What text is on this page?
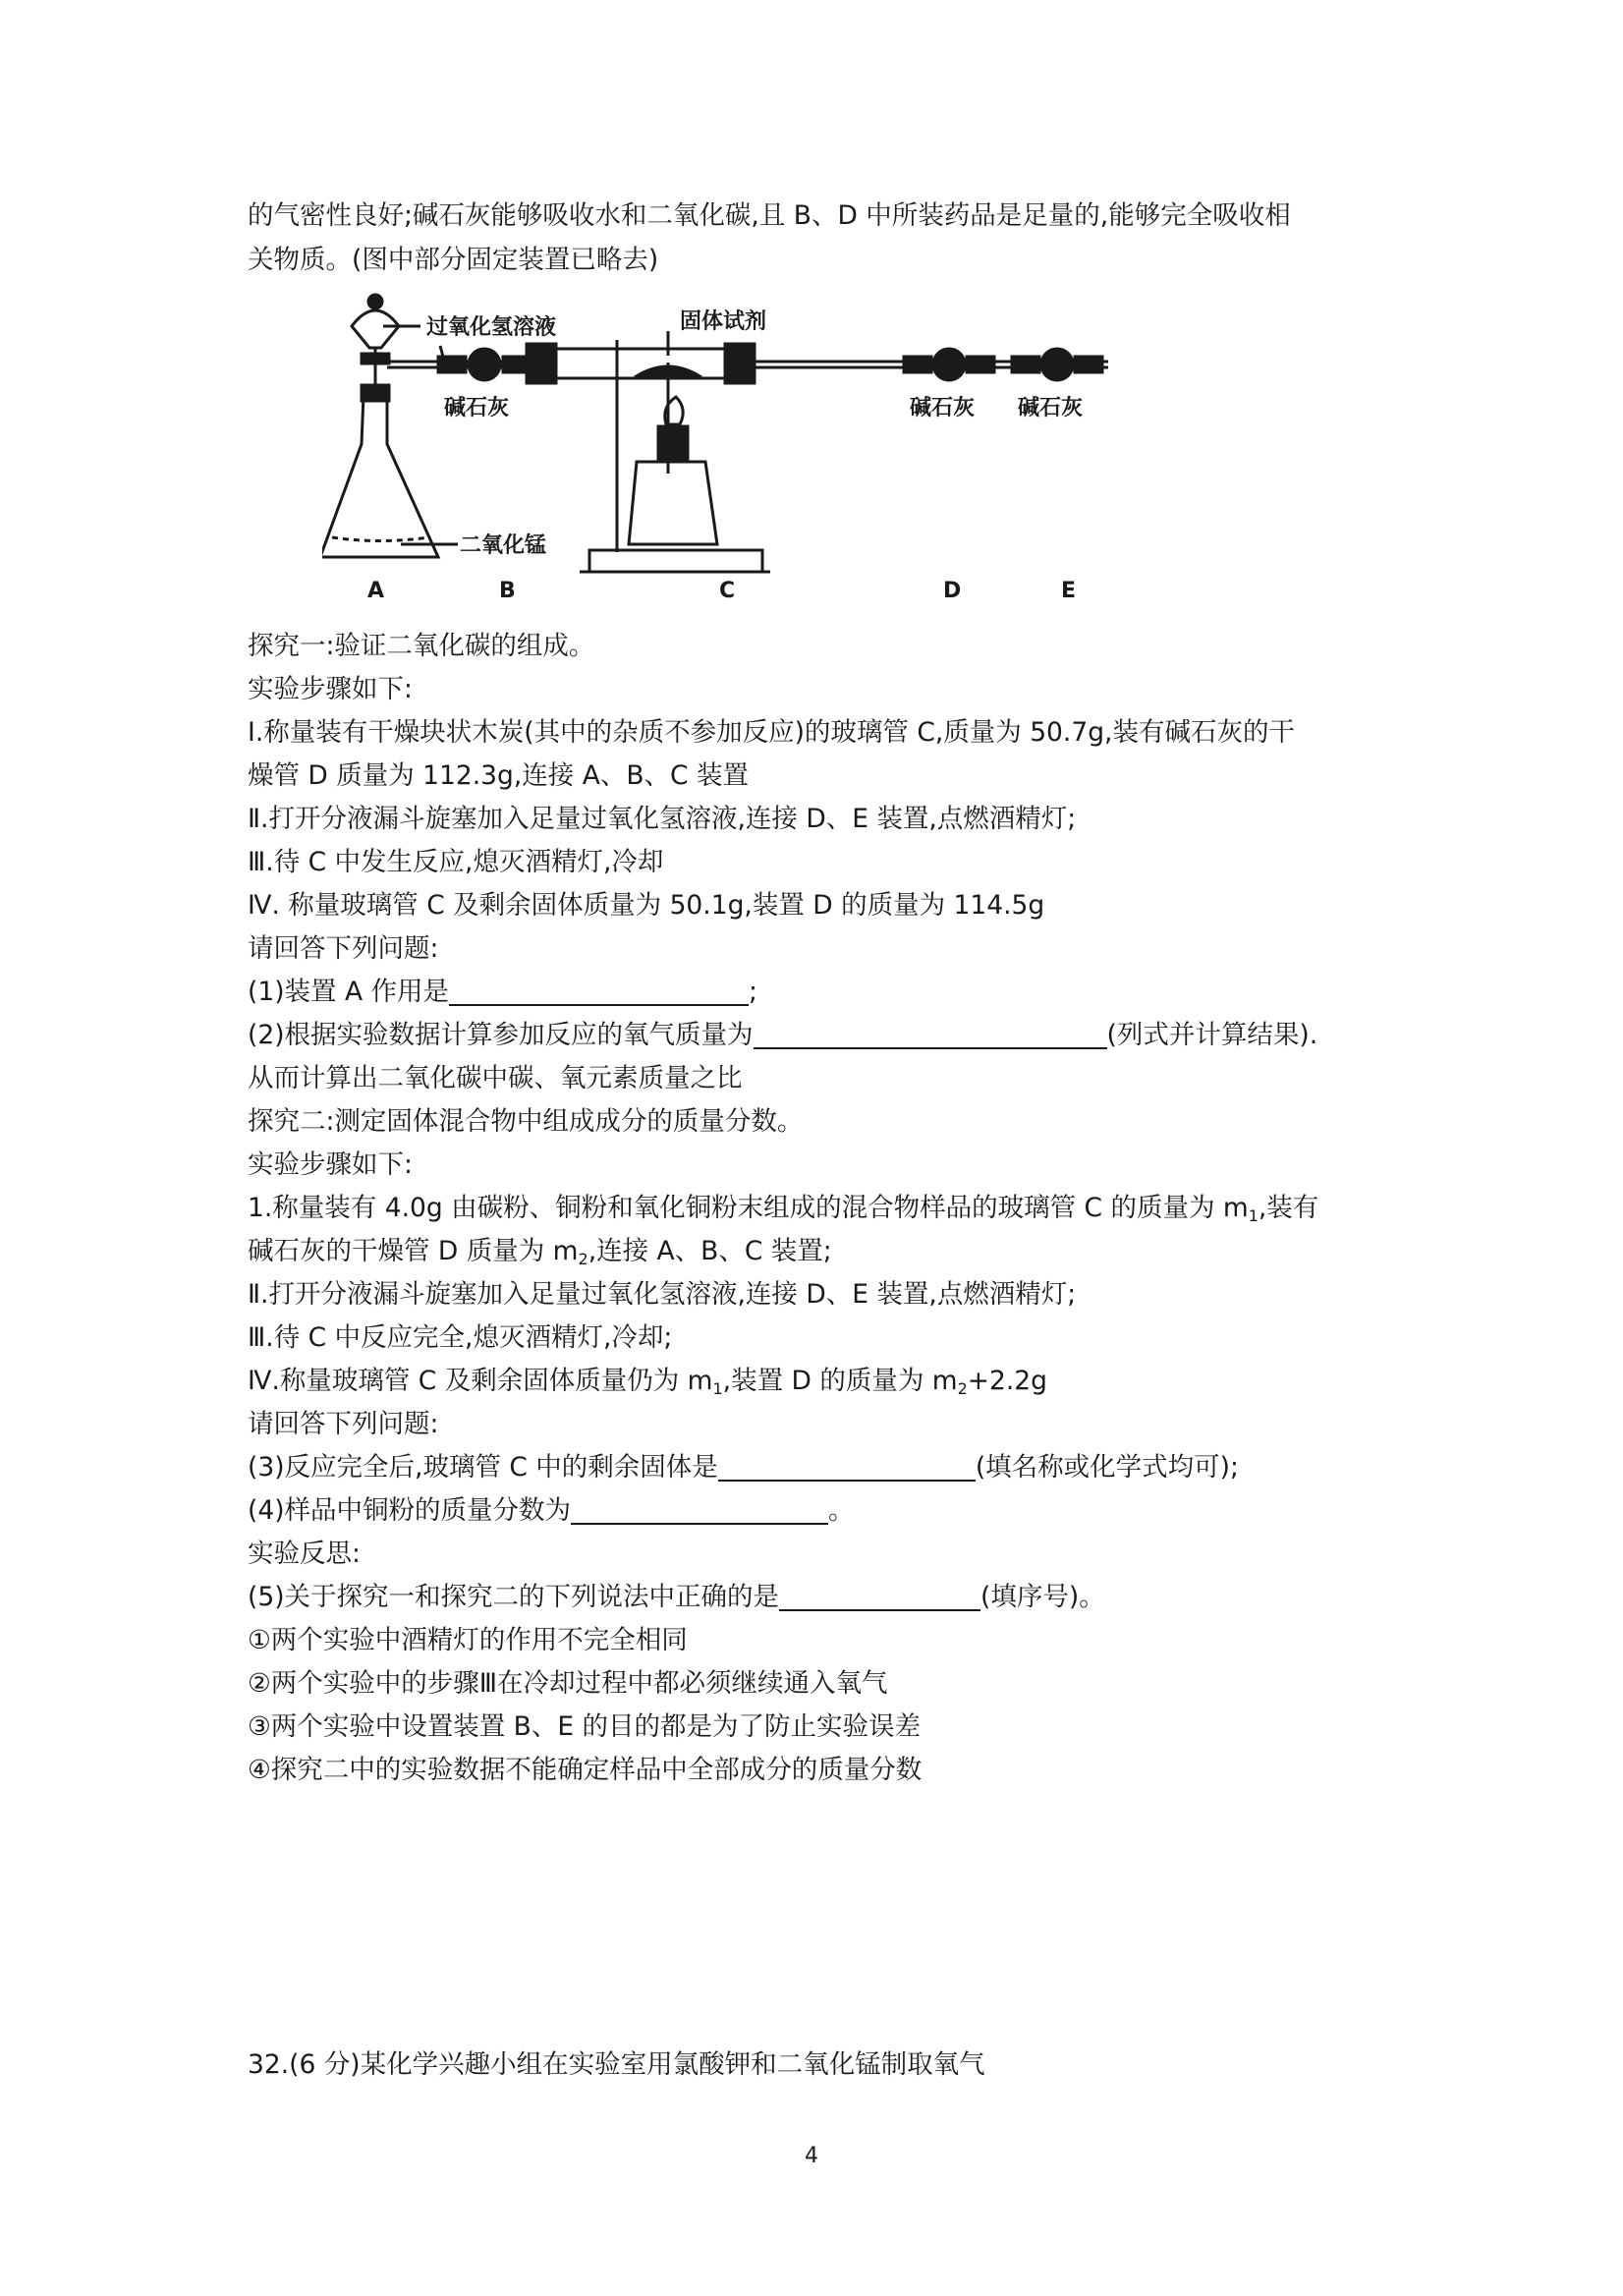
的气密性良好;碱石灰能够吸收水和二氧化碳,且 B、D 中所装药品是足量的,能够完全吸收相
关物质。(图中部分固定装置已略去)
过氧化氢溶液	固体试剂
碱石灰
二氧化锰
碱石灰 碱石灰
A	B	C	D	E
探究一:验证二氧化碳的组成。
实验步骤如下:
Ⅰ.称量装有干燥块状木炭(其中的杂质不参加反应)的玻璃管 C,质量为 50.7g,装有碱石灰的干
燥管 D 质量为 112.3g,连接 A、B、C 装置
Ⅱ.打开分液漏斗旋塞加入足量过氧化氢溶液,连接 D、E 装置,点燃酒精灯;
Ⅲ.待 C 中发生反应,熄灭酒精灯,冷却
Ⅳ. 称量玻璃管 C 及剩余固体质量为 50.1g,装置 D 的质量为 114.5g
请回答下列问题:
(1)装置 A 作用是	;
(2)根据实验数据计算参加反应的氧气质量为	(列式并计算结果).
从而计算出二氧化碳中碳、氧元素质量之比
探究二:测定固体混合物中组成成分的质量分数。
实验步骤如下:
1.称量装有 4.0g 由碳粉、铜粉和氧化铜粉末组成的混合物样品的玻璃管 C 的质量为 $m_1$,装有
碱石灰的干燥管 D 质量为 $m_2$,连接 A、B、C 装置;
Ⅱ.打开分液漏斗旋塞加入足量过氧化氢溶液,连接 D、E 装置,点燃酒精灯;
Ⅲ.待 C 中反应完全,熄灭酒精灯,冷却;
Ⅳ.称量玻璃管 C 及剩余固体质量仍为 $m_1$,装置 D 的质量为 $m_2+2.2g$
请回答下列问题:
(3)反应完全后,玻璃管 C 中的剩余固体是	(填名称或化学式均可);
(4)样品中铜粉的质量分数为	。
实验反思:
(5)关于探究一和探究二的下列说法中正确的是	(填序号)。
①两个实验中酒精灯的作用不完全相同
②两个实验中的步骤Ⅲ在冷却过程中都必须继续通入氧气
③两个实验中设置装置 B、E 的目的都是为了防止实验误差
④探究二中的实验数据不能确定样品中全部成分的质量分数
32.(6 分)某化学兴趣小组在实验室用氯酸钾和二氧化锰制取氧气
4
